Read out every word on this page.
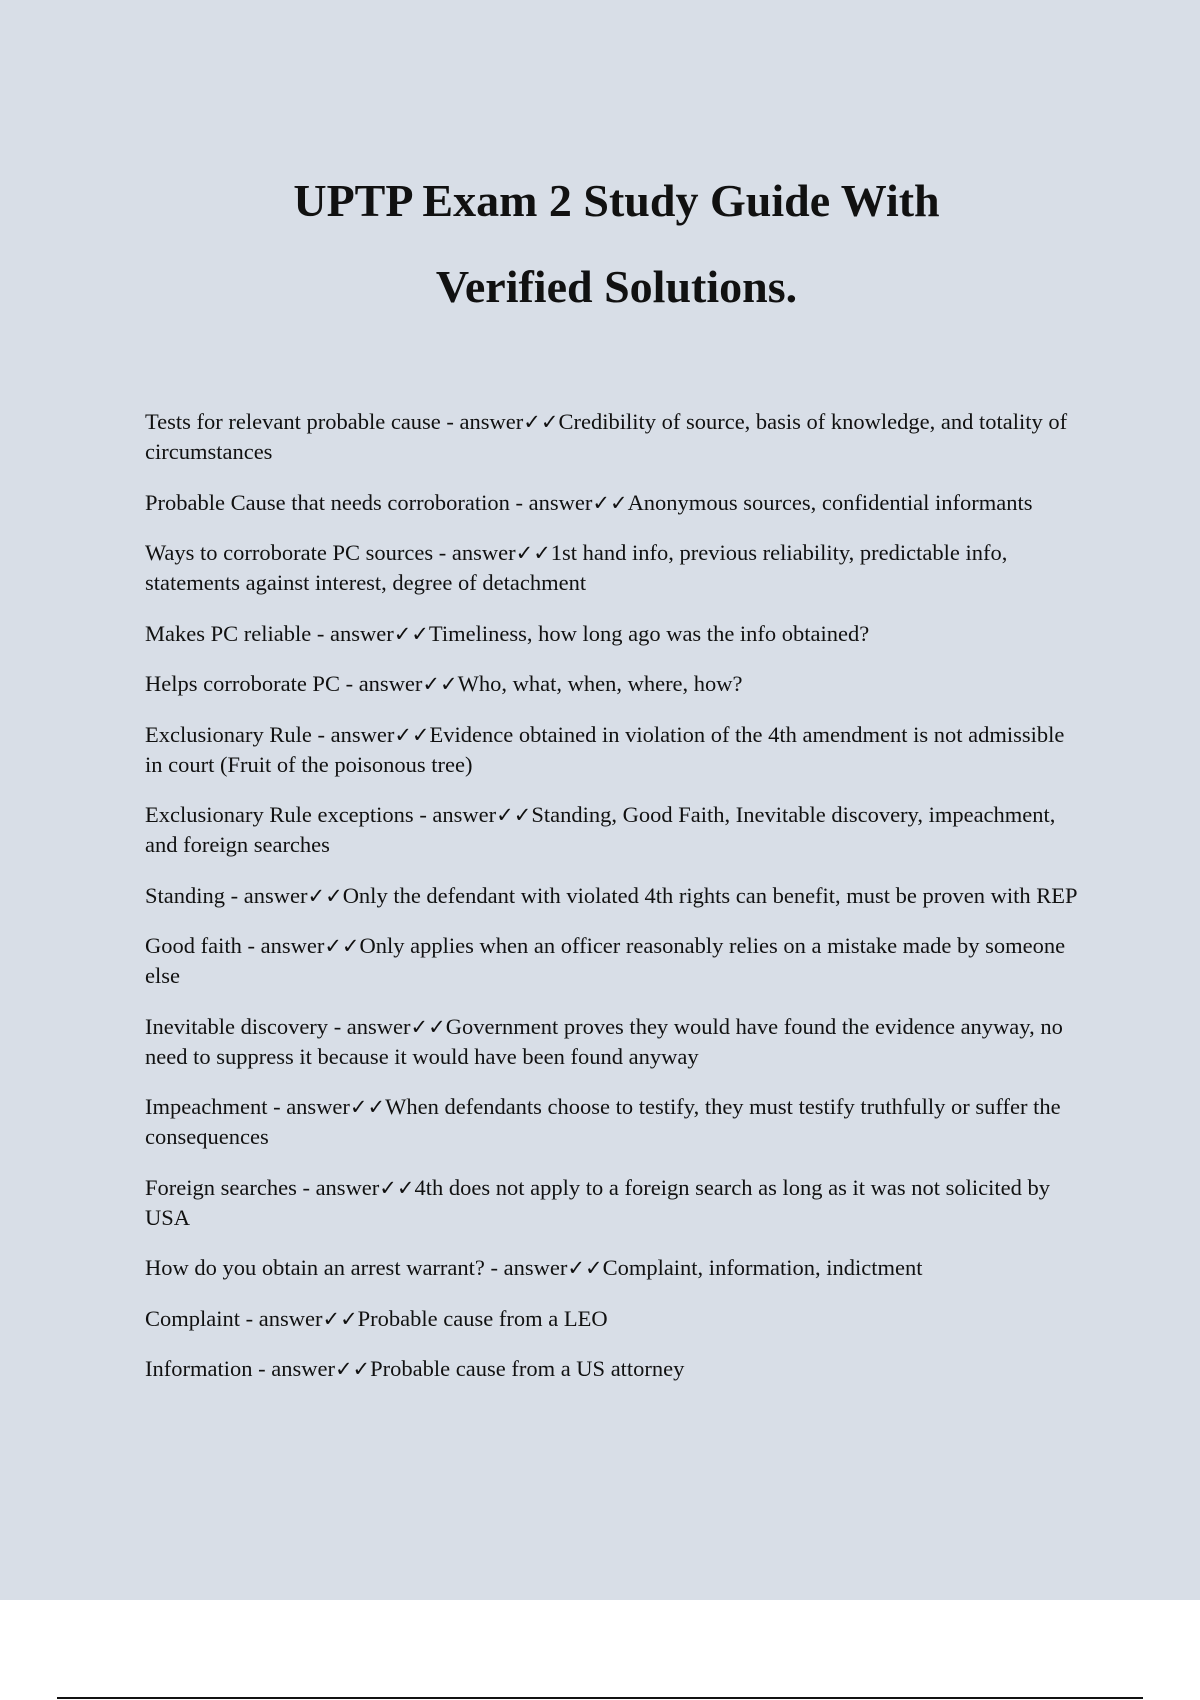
UPTP Exam 2 Study Guide With
Verified Solutions.
Tests for relevant probable cause - answer✓✓Credibility of source, basis of knowledge, and totality of circumstances
Probable Cause that needs corroboration - answer✓✓Anonymous sources, confidential informants
Ways to corroborate PC sources - answer✓✓1st hand info, previous reliability, predictable info, statements against interest, degree of detachment
Makes PC reliable - answer✓✓Timeliness, how long ago was the info obtained?
Helps corroborate PC - answer✓✓Who, what, when, where, how?
Exclusionary Rule - answer✓✓Evidence obtained in violation of the 4th amendment is not admissible in court (Fruit of the poisonous tree)
Exclusionary Rule exceptions - answer✓✓Standing, Good Faith, Inevitable discovery, impeachment, and foreign searches
Standing - answer✓✓Only the defendant with violated 4th rights can benefit, must be proven with REP
Good faith - answer✓✓Only applies when an officer reasonably relies on a mistake made by someone else
Inevitable discovery - answer✓✓Government proves they would have found the evidence anyway, no need to suppress it because it would have been found anyway
Impeachment - answer✓✓When defendants choose to testify, they must testify truthfully or suffer the consequences
Foreign searches - answer✓✓4th does not apply to a foreign search as long as it was not solicited by USA
How do you obtain an arrest warrant? - answer✓✓Complaint, information, indictment
Complaint - answer✓✓Probable cause from a LEO
Information - answer✓✓Probable cause from a US attorney
